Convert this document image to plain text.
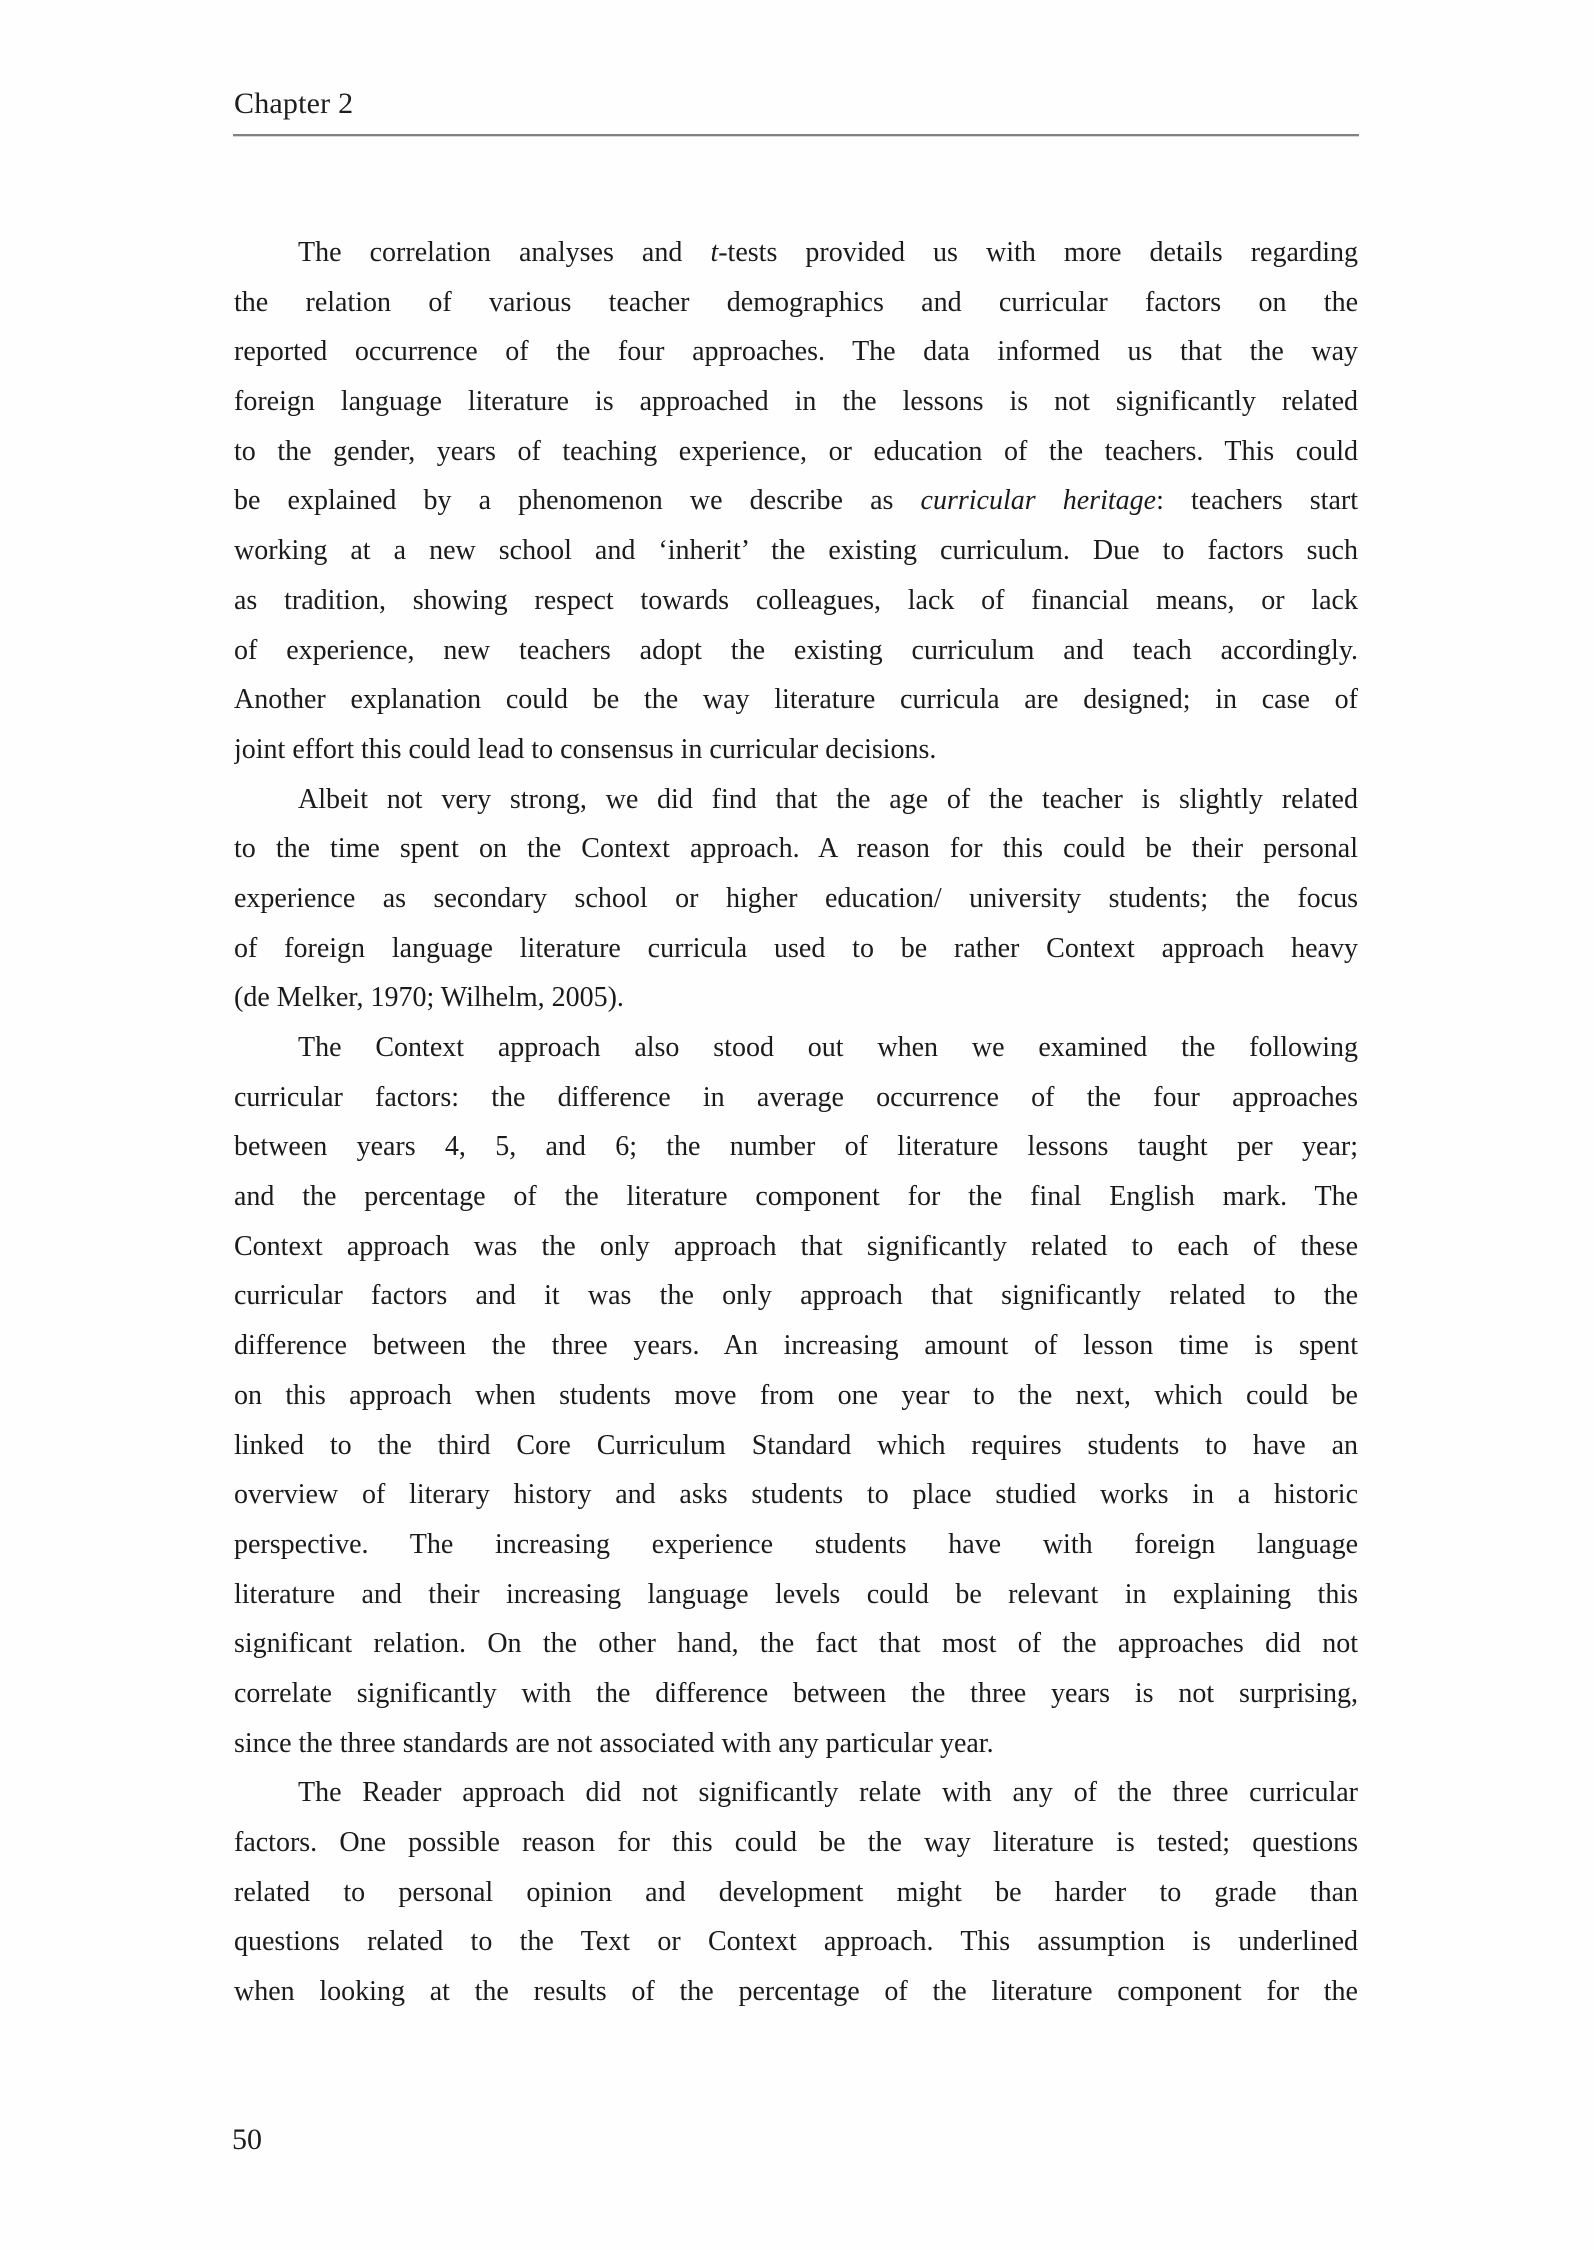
Chapter 2
The correlation analyses and t-tests provided us with more details regarding
the relation of various teacher demographics and curricular factors on the
reported occurrence of the four approaches. The data informed us that the way
foreign language literature is approached in the lessons is not significantly related
to the gender, years of teaching experience, or education of the teachers. This could
be explained by a phenomenon we describe as curricular heritage: teachers start
working at a new school and ‘inherit’ the existing curriculum. Due to factors such
as tradition, showing respect towards colleagues, lack of financial means, or lack
of experience, new teachers adopt the existing curriculum and teach accordingly.
Another explanation could be the way literature curricula are designed; in case of
joint effort this could lead to consensus in curricular decisions.
Albeit not very strong, we did find that the age of the teacher is slightly related
to the time spent on the Context approach. A reason for this could be their personal
experience as secondary school or higher education/ university students; the focus
of foreign language literature curricula used to be rather Context approach heavy
(de Melker, 1970; Wilhelm, 2005).
The Context approach also stood out when we examined the following
curricular factors: the difference in average occurrence of the four approaches
between years 4, 5, and 6; the number of literature lessons taught per year;
and the percentage of the literature component for the final English mark. The
Context approach was the only approach that significantly related to each of these
curricular factors and it was the only approach that significantly related to the
difference between the three years. An increasing amount of lesson time is spent
on this approach when students move from one year to the next, which could be
linked to the third Core Curriculum Standard which requires students to have an
overview of literary history and asks students to place studied works in a historic
perspective. The increasing experience students have with foreign language
literature and their increasing language levels could be relevant in explaining this
significant relation. On the other hand, the fact that most of the approaches did not
correlate significantly with the difference between the three years is not surprising,
since the three standards are not associated with any particular year.
The Reader approach did not significantly relate with any of the three curricular
factors. One possible reason for this could be the way literature is tested; questions
related to personal opinion and development might be harder to grade than
questions related to the Text or Context approach. This assumption is underlined
when looking at the results of the percentage of the literature component for the
50
